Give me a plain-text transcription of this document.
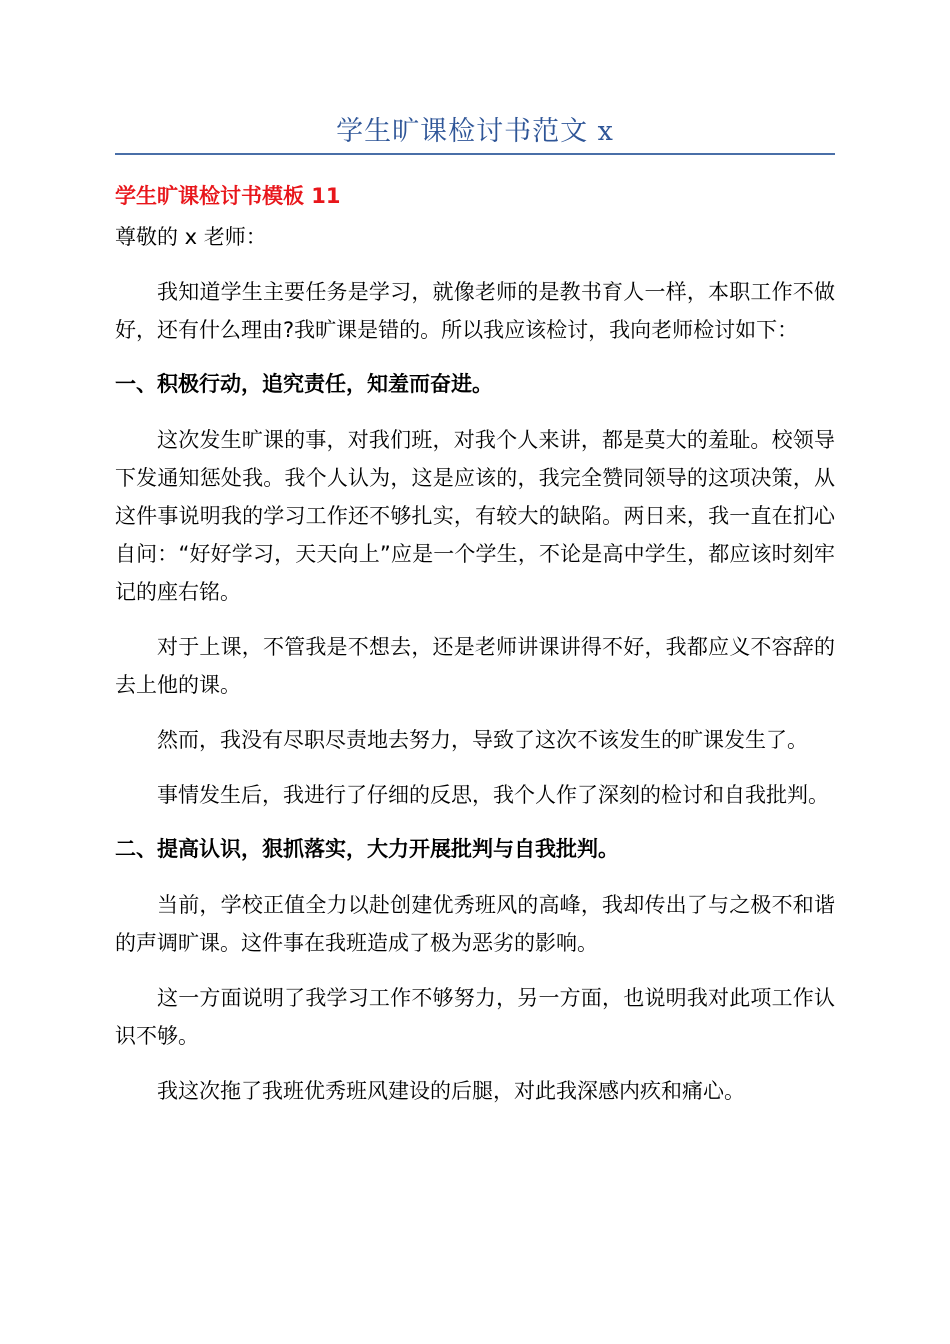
学生旷课检讨书范文 x

学生旷课检讨书模板 11

尊敬的 x 老师：

我知道学生主要任务是学习，就像老师的是教书育人一样，本职工作不做好，还有什么理由?我旷课是错的。所以我应该检讨，我向老师检讨如下：

一、积极行动，追究责任，知羞而奋进。

这次发生旷课的事，对我们班，对我个人来讲，都是莫大的羞耻。校领导下发通知惩处我。我个人认为，这是应该的，我完全赞同领导的这项决策，从这件事说明我的学习工作还不够扎实，有较大的缺陷。两日来，我一直在扪心自问：“好好学习，天天向上”应是一个学生，不论是高中学生，都应该时刻牢记的座右铭。

对于上课，不管我是不想去，还是老师讲课讲得不好，我都应义不容辞的去上他的课。

然而，我没有尽职尽责地去努力，导致了这次不该发生的旷课发生了。

事情发生后，我进行了仔细的反思，我个人作了深刻的检讨和自我批判。

二、提高认识，狠抓落实，大力开展批判与自我批判。

当前，学校正值全力以赴创建优秀班风的高峰，我却传出了与之极不和谐的声调旷课。这件事在我班造成了极为恶劣的影响。

这一方面说明了我学习工作不够努力，另一方面，也说明我对此项工作认识不够。

我这次拖了我班优秀班风建设的后腿，对此我深感内疚和痛心。
